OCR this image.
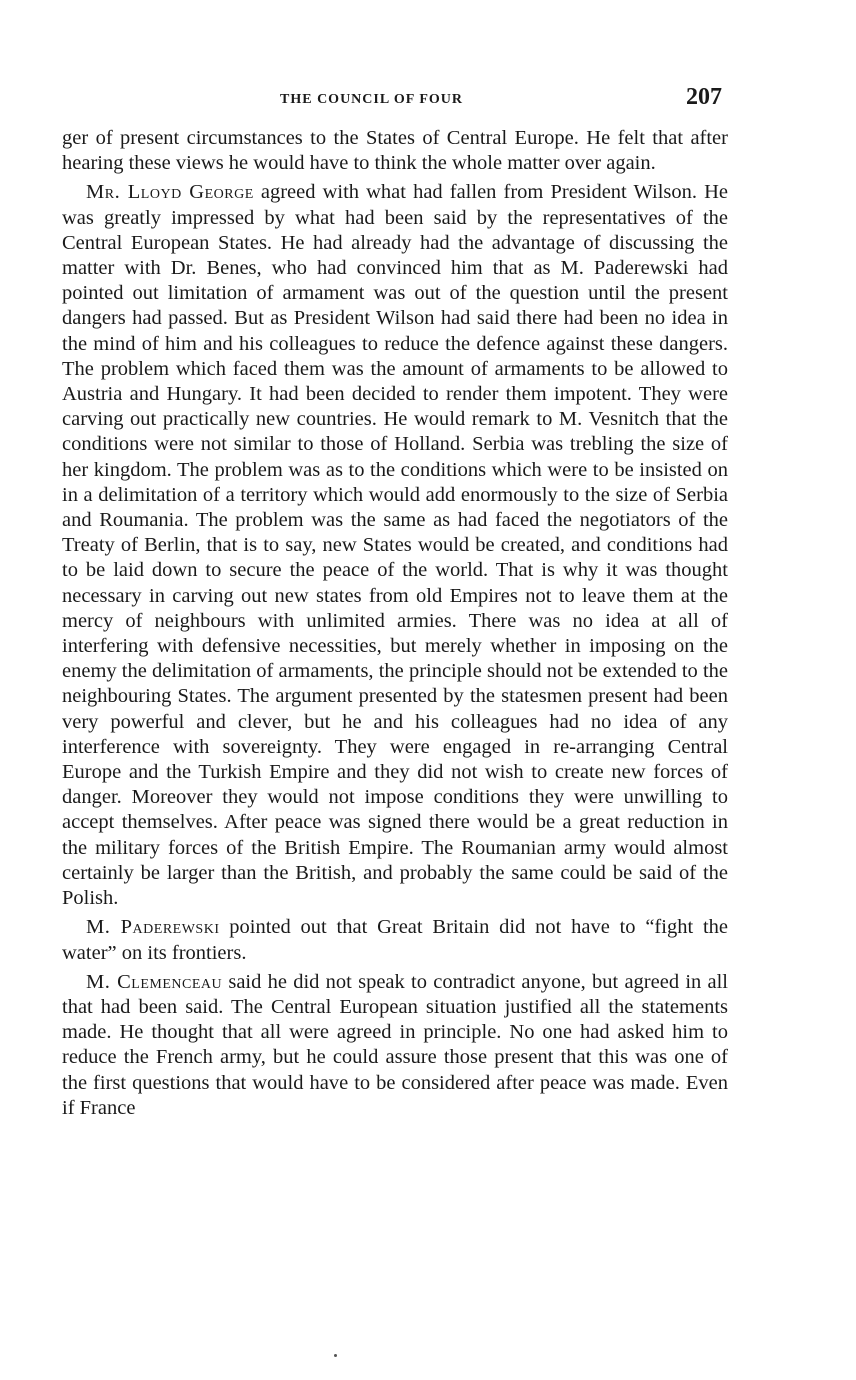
THE COUNCIL OF FOUR	207

ger of present circumstances to the States of Central Europe. He felt that after hearing these views he would have to think the whole matter over again.

Mr. Lloyd George agreed with what had fallen from President Wilson. He was greatly impressed by what had been said by the representatives of the Central European States. He had already had the advantage of discussing the matter with Dr. Benes, who had convinced him that as M. Paderewski had pointed out limitation of armament was out of the question until the present dangers had passed. But as President Wilson had said there had been no idea in the mind of him and his colleagues to reduce the defence against these dangers. The problem which faced them was the amount of armaments to be allowed to Austria and Hungary. It had been decided to render them impotent. They were carving out practically new countries. He would remark to M. Vesnitch that the conditions were not similar to those of Holland. Serbia was trebling the size of her kingdom. The problem was as to the conditions which were to be insisted on in a delimitation of a territory which would add enormously to the size of Serbia and Roumania. The problem was the same as had faced the negotiators of the Treaty of Berlin, that is to say, new States would be created, and conditions had to be laid down to secure the peace of the world. That is why it was thought necessary in carving out new states from old Empires not to leave them at the mercy of neighbours with unlimited armies. There was no idea at all of interfering with defensive necessities, but merely whether in imposing on the enemy the delimitation of armaments, the principle should not be extended to the neighbouring States. The argument presented by the statesmen present had been very powerful and clever, but he and his colleagues had no idea of any interference with sovereignty. They were engaged in re-arranging Central Europe and the Turkish Empire and they did not wish to create new forces of danger. Moreover they would not impose conditions they were unwilling to accept themselves. After peace was signed there would be a great reduction in the military forces of the British Empire. The Roumanian army would almost certainly be larger than the British, and probably the same could be said of the Polish.

M. Paderewski pointed out that Great Britain did not have to “fight the water” on its frontiers.

M. Clemenceau said he did not speak to contradict anyone, but agreed in all that had been said. The Central European situation justified all the statements made. He thought that all were agreed in principle. No one had asked him to reduce the French army, but he could assure those present that this was one of the first questions that would have to be considered after peace was made. Even if France
